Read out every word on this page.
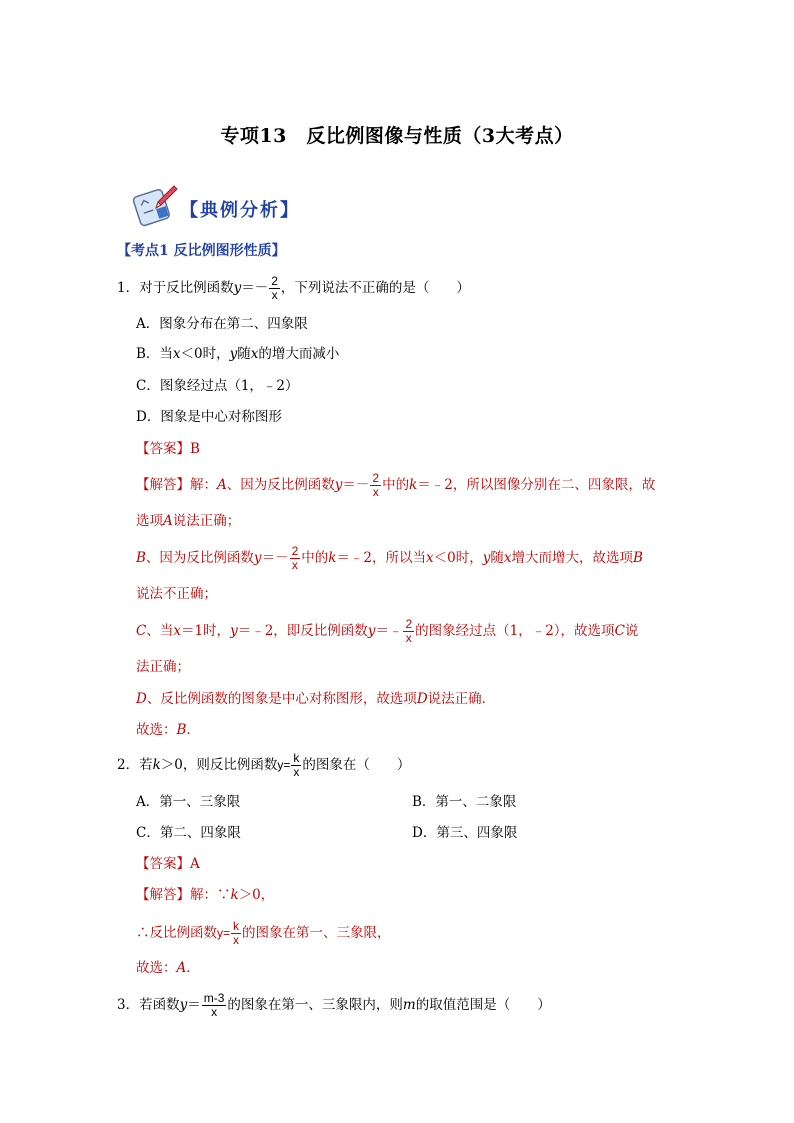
专项13　反比例图像与性质（3大考点）
【典例分析】
【考点1 反比例图形性质】
1．对于反比例函数$y=- \frac{2}{x}$ ，下列说法不正确的是（　　）
A．图象分布在第二、四象限
B．当x＜0时，y随x的增大而减小
C．图象经过点（1，﹣2）
D．图象是中心对称图形
【答案】B
【解答】解：A、因为反比例函数$y=- \frac{2}{x}$ 中的k＝﹣2，所以图像分别在二、四象限，故
选项A说法正确；
B、因为反比例函数$y=- \frac{2}{x}$ 中的k＝﹣2，所以当x＜0时，y随x增大而增大，故选项B
说法不正确；
C、当x＝1时，y＝﹣2，即反比例函数y＝﹣ $\frac{2}{x}$ 的图象经过点（1，﹣2），故选项C说
法正确；
D、反比例函数的图象是中心对称图形，故选项D说法正确．
故选：B．
2．若k＞0，则反比例函数$y= \frac{k}{x}$ 的图象在（　　）
A．第一、三象限	B．第一、二象限
C．第二、四象限	D．第三、四象限
【答案】A
【解答】解：∵k＞0，
∴反比例函数$y= \frac{k}{x}$ 的图象在第一、三象限，
故选：A．
3．若函数$y= \frac{m-3}{x}$ 的图象在第一、三象限内，则m的取值范围是（　　）
